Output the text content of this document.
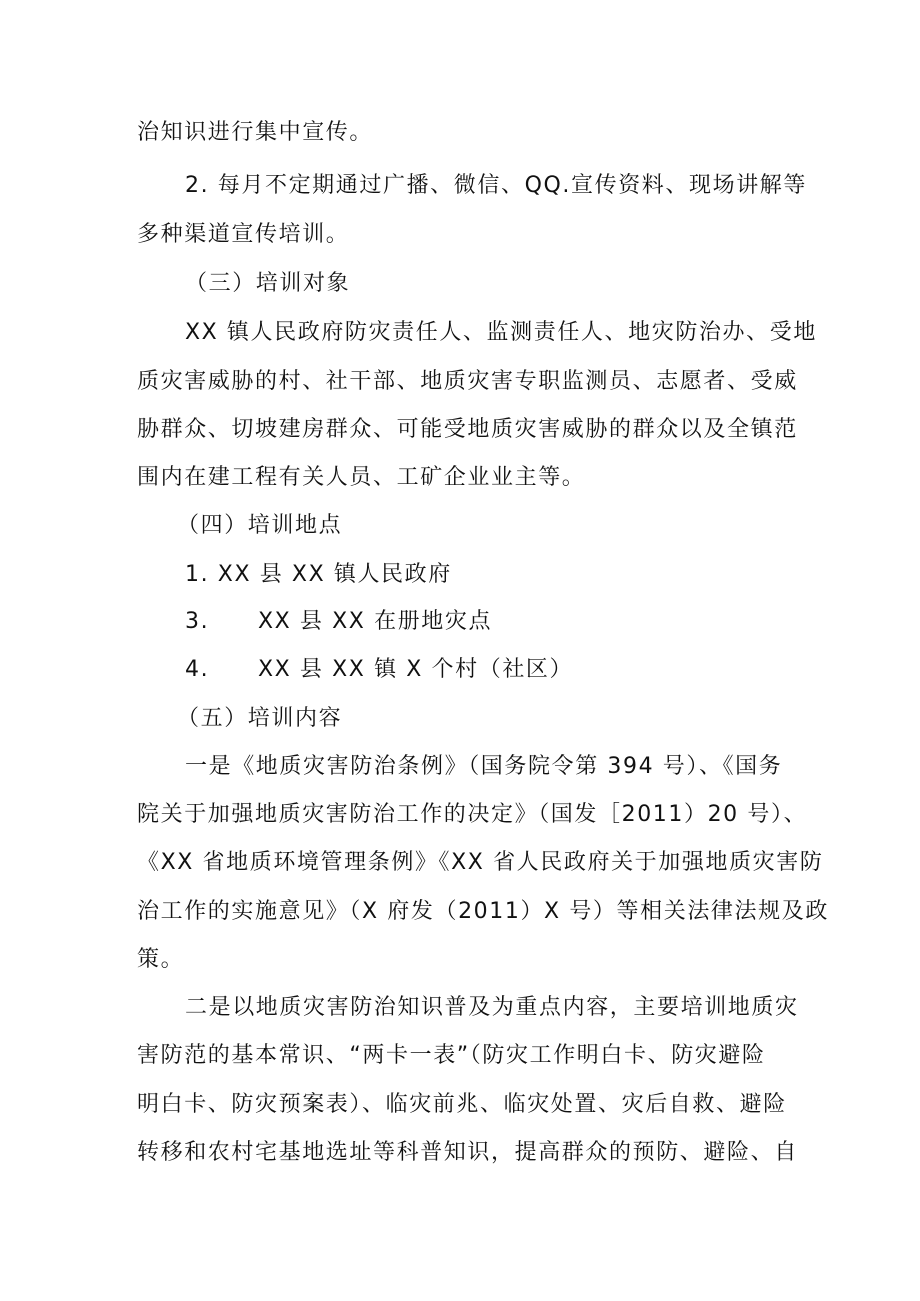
治知识进行集中宣传。
2. 每月不定期通过广播、微信、QQ.宣传资料、现场讲解等
多种渠道宣传培训。
（三）培训对象
XX 镇人民政府防灾责任人、监测责任人、地灾防治办、受地
质灾害威胁的村、社干部、地质灾害专职监测员、志愿者、受威
胁群众、切坡建房群众、可能受地质灾害威胁的群众以及全镇范
围内在建工程有关人员、工矿企业业主等。
（四）培训地点
1. XX 县 XX 镇人民政府
3. XX 县 XX 在册地灾点
4. XX 县 XX 镇 X 个村（社区）
（五）培训内容
一是《地质灾害防治条例》（国务院令第 394 号）、《国务
院关于加强地质灾害防治工作的决定》（国发［2011）20 号）、
《XX 省地质环境管理条例》《XX 省人民政府关于加强地质灾害防
治工作的实施意见》（X 府发（2011）X 号）等相关法律法规及政
策。
二是以地质灾害防治知识普及为重点内容，主要培训地质灾
害防范的基本常识、“两卡一表”（防灾工作明白卡、防灾避险
明白卡、防灾预案表）、临灾前兆、临灾处置、灾后自救、避险
转移和农村宅基地选址等科普知识，提高群众的预防、避险、自
